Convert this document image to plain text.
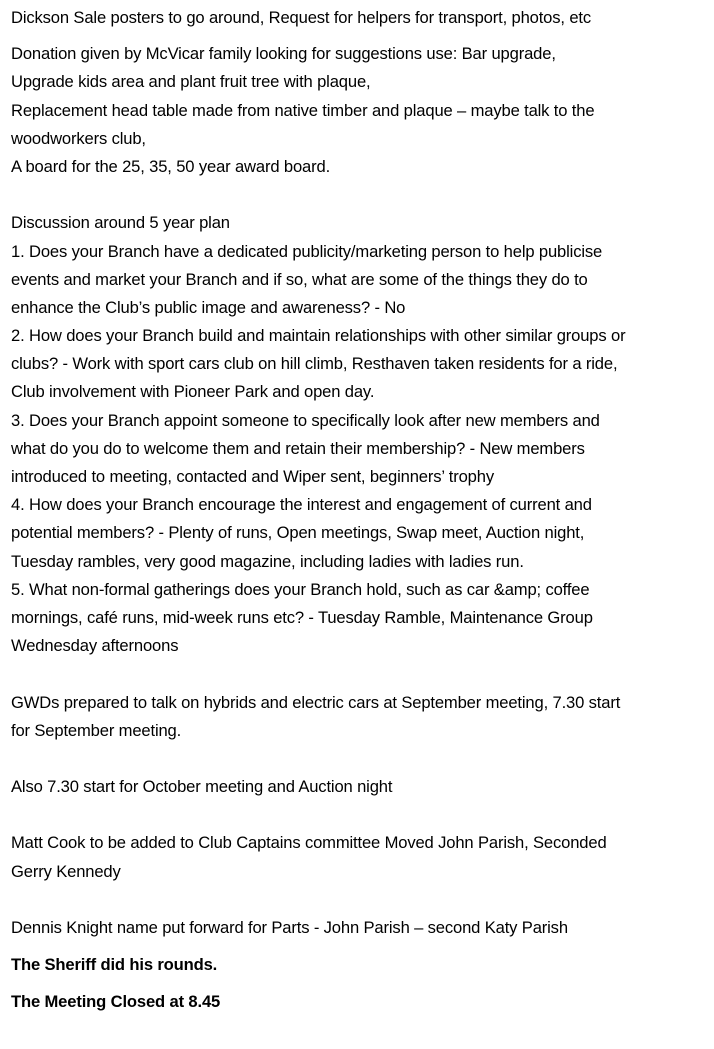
Dickson Sale posters to go around, Request for helpers for transport, photos, etc
Donation given by McVicar family looking for suggestions use: Bar upgrade,
Upgrade kids area and plant fruit tree with plaque,
Replacement head table made from native timber and plaque – maybe talk to the
woodworkers club,
A board for the 25, 35, 50 year award board.
Discussion around 5 year plan
1. Does your Branch have a dedicated publicity/marketing person to help publicise
events and market your Branch and if so, what are some of the things they do to
enhance the Club’s public image and awareness? - No
2. How does your Branch build and maintain relationships with other similar groups or
clubs? - Work with sport cars club on hill climb, Resthaven taken residents for a ride,
Club involvement with Pioneer Park and open day.
3. Does your Branch appoint someone to specifically look after new members and
what do you do to welcome them and retain their membership? - New members
introduced to meeting, contacted and Wiper sent, beginners’ trophy
4. How does your Branch encourage the interest and engagement of current and
potential members? - Plenty of runs, Open meetings, Swap meet, Auction night,
Tuesday rambles, very good magazine, including ladies with ladies run.
5. What non-formal gatherings does your Branch hold, such as car &amp; coffee
mornings, café runs, mid-week runs etc? - Tuesday Ramble, Maintenance Group
Wednesday afternoons
GWDs prepared to talk on hybrids and electric cars at September meeting, 7.30 start
for September meeting.
Also 7.30 start for October meeting and Auction night
Matt Cook to be added to Club Captains committee Moved John Parish, Seconded
Gerry Kennedy
Dennis Knight name put forward for Parts - John Parish – second Katy Parish
The Sheriff did his rounds.
The Meeting Closed at 8.45
